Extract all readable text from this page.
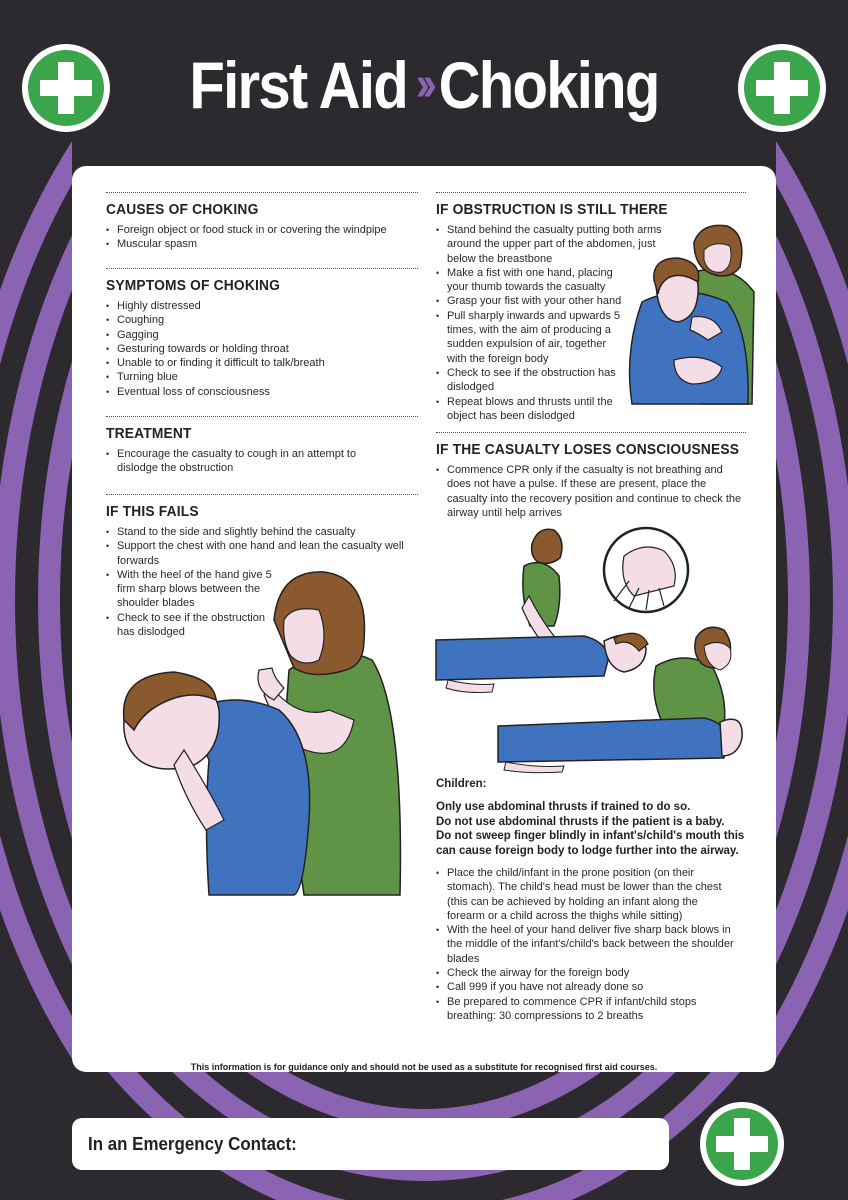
First Aid ›› Choking
CAUSES OF CHOKING
• Foreign object or food stuck in or covering the windpipe
• Muscular spasm
SYMPTOMS OF CHOKING
• Highly distressed
• Coughing
• Gagging
• Gesturing towards or holding throat
• Unable to or finding it difficult to talk/breath
• Turning blue
• Eventual loss of consciousness
TREATMENT
• Encourage the casualty to cough in an attempt to dislodge the obstruction
IF THIS FAILS
• Stand to the side and slightly behind the casualty
• Support the chest with one hand and lean the casualty well forwards
• With the heel of the hand give 5 firm sharp blows between the shoulder blades
• Check to see if the obstruction has dislodged
IF OBSTRUCTION IS STILL THERE
• Stand behind the casualty putting both arms around the upper part of the abdomen, just below the breastbone
• Make a fist with one hand, placing your thumb towards the casualty
• Grasp your fist with your other hand
• Pull sharply inwards and upwards 5 times, with the aim of producing a sudden expulsion of air, together with the foreign body
• Check to see if the obstruction has dislodged
• Repeat blows and thrusts until the object has been dislodged
IF THE CASUALTY LOSES CONSCIOUSNESS
• Commence CPR only if the casualty is not breathing and does not have a pulse. If these are present, place the casualty into the recovery position and continue to check the airway until help arrives
Children:
Only use abdominal thrusts if trained to do so.
Do not use abdominal thrusts if the patient is a baby.
Do not sweep finger blindly in infant's/child's mouth this
can cause foreign body to lodge further into the airway.
• Place the child/infant in the prone position (on their stomach). The child's head must be lower than the chest (this can be achieved by holding an infant along the forearm or a child across the thighs while sitting)
• With the heel of your hand deliver five sharp back blows in the middle of the infant's/child's back between the shoulder blades
• Check the airway for the foreign body
• Call 999 if you have not already done so
• Be prepared to commence CPR if infant/child stops breathing: 30 compressions to 2 breaths
This information is for guidance only and should not be used as a substitute for recognised first aid courses.
In an Emergency Contact:
